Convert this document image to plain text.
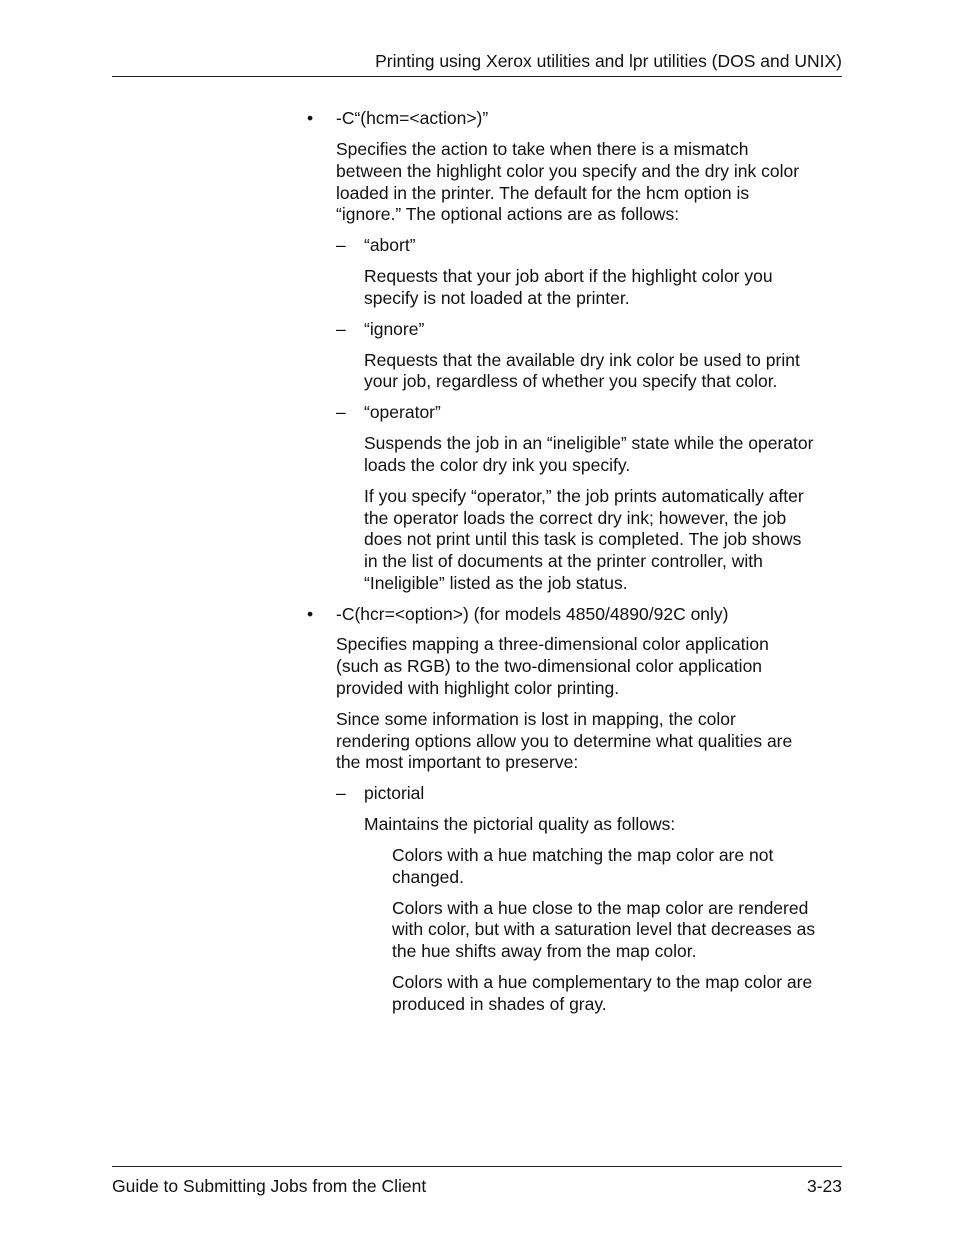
Printing using Xerox utilities and lpr utilities (DOS and UNIX)
• -C“(hcm=<action>)”
Specifies the action to take when there is a mismatch
between the highlight color you specify and the dry ink color
loaded in the printer. The default for the hcm option is
“ignore.” The optional actions are as follows:
– “abort”
Requests that your job abort if the highlight color you
specify is not loaded at the printer.
– “ignore”
Requests that the available dry ink color be used to print
your job, regardless of whether you specify that color.
– “operator”
Suspends the job in an “ineligible” state while the operator
loads the color dry ink you specify.
If you specify “operator,” the job prints automatically after
the operator loads the correct dry ink; however, the job
does not print until this task is completed. The job shows
in the list of documents at the printer controller, with
“Ineligible” listed as the job status.
• -C(hcr=<option>) (for models 4850/4890/92C only)
Specifies mapping a three-dimensional color application
(such as RGB) to the two-dimensional color application
provided with highlight color printing.
Since some information is lost in mapping, the color
rendering options allow you to determine what qualities are
the most important to preserve:
– pictorial
Maintains the pictorial quality as follows:
Colors with a hue matching the map color are not
changed.
Colors with a hue close to the map color are rendered
with color, but with a saturation level that decreases as
the hue shifts away from the map color.
Colors with a hue complementary to the map color are
produced in shades of gray.
Guide to Submitting Jobs from the Client	3-23
